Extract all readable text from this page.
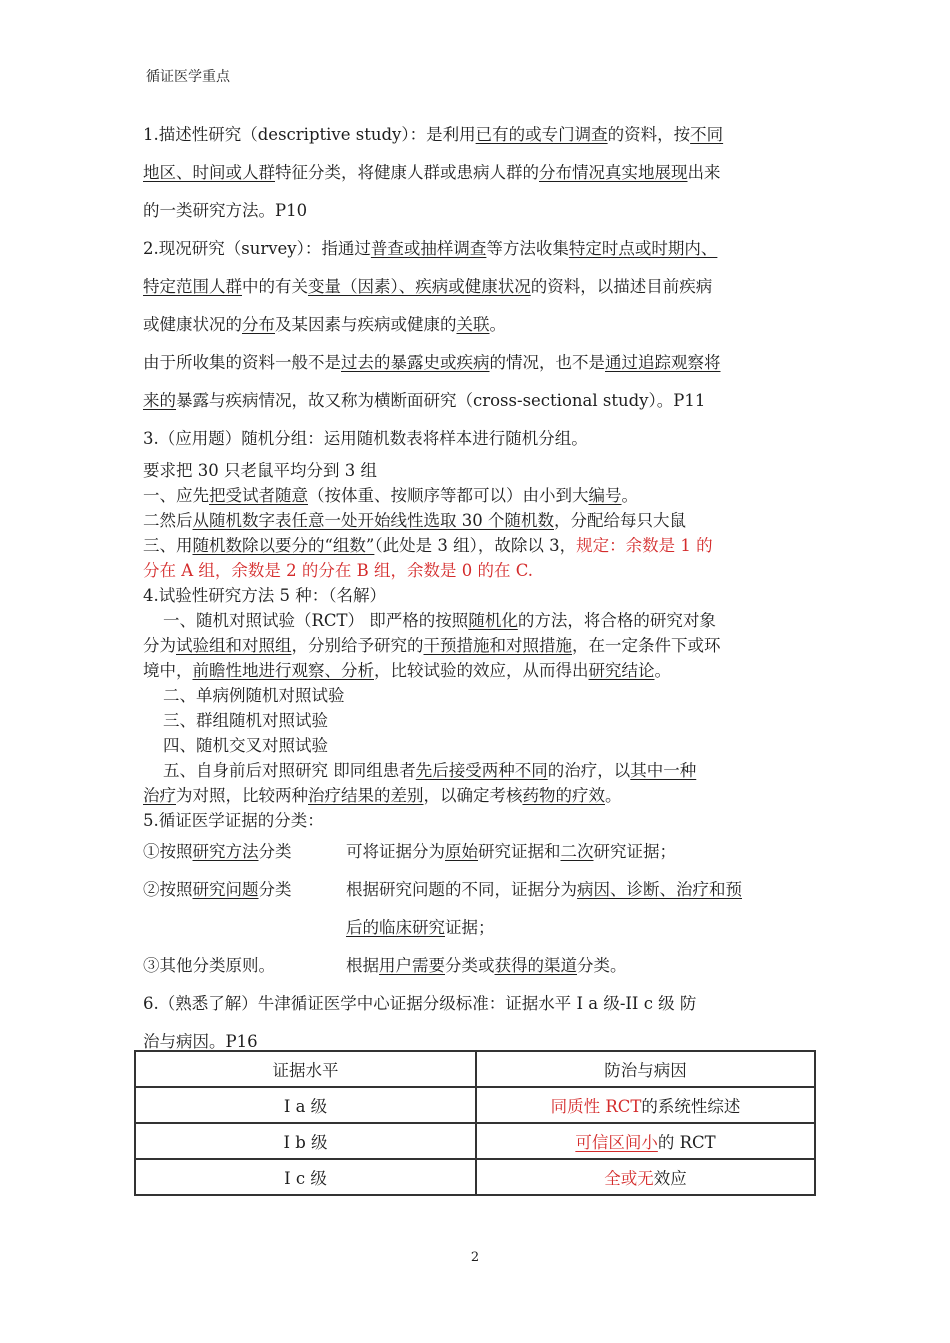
循证医学重点
1.描述性研究（descriptive study）：是利用已有的或专门调查的资料，按不同
地区、时间或人群特征分类，将健康人群或患病人群的分布情况真实地展现出来
的一类研究方法。P10
2.现况研究（survey）：指通过普查或抽样调查等方法收集特定时点或时期内、
特定范围人群中的有关变量（因素）、疾病或健康状况的资料，以描述目前疾病
或健康状况的分布及某因素与疾病或健康的关联。
由于所收集的资料一般不是过去的暴露史或疾病的情况，也不是通过追踪观察将
来的暴露与疾病情况，故又称为横断面研究（cross-sectional study）。P11
3.（应用题）随机分组：运用随机数表将样本进行随机分组。
要求把 30 只老鼠平均分到 3 组
一、应先把受试者随意（按体重、按顺序等都可以）由小到大编号。
二然后从随机数字表任意一处开始线性选取 30 个随机数，分配给每只大鼠
三、用随机数除以要分的“组数”（此处是 3 组），故除以 3，规定：余数是 1 的
分在 A 组，余数是 2 的分在 B 组，余数是 0 的在 C.
4.试验性研究方法 5 种：（名解）
一、随机对照试验（RCT） 即严格的按照随机化的方法，将合格的研究对象
分为试验组和对照组，分别给予研究的干预措施和对照措施，在一定条件下或环
境中，前瞻性地进行观察、分析，比较试验的效应，从而得出研究结论。
二、单病例随机对照试验
三、群组随机对照试验
四、随机交叉对照试验
五、自身前后对照研究 即同组患者先后接受两种不同的治疗，以其中一种
治疗为对照，比较两种治疗结果的差别，以确定考核药物的疗效。
5.循证医学证据的分类：
①按照研究方法分类	可将证据分为原始研究证据和二次研究证据；
②按照研究问题分类	根据研究问题的不同，证据分为病因、诊断、治疗和预
后的临床研究证据；
③其他分类原则。	根据用户需要分类或获得的渠道分类。
6.（熟悉了解）牛津循证医学中心证据分级标准：证据水平 I a 级-II c 级 防
治与病因。P16
证据水平	防治与病因
I a 级	同质性 RCT的系统性综述
I b 级	可信区间小的 RCT
I c 级	全或无效应
2
